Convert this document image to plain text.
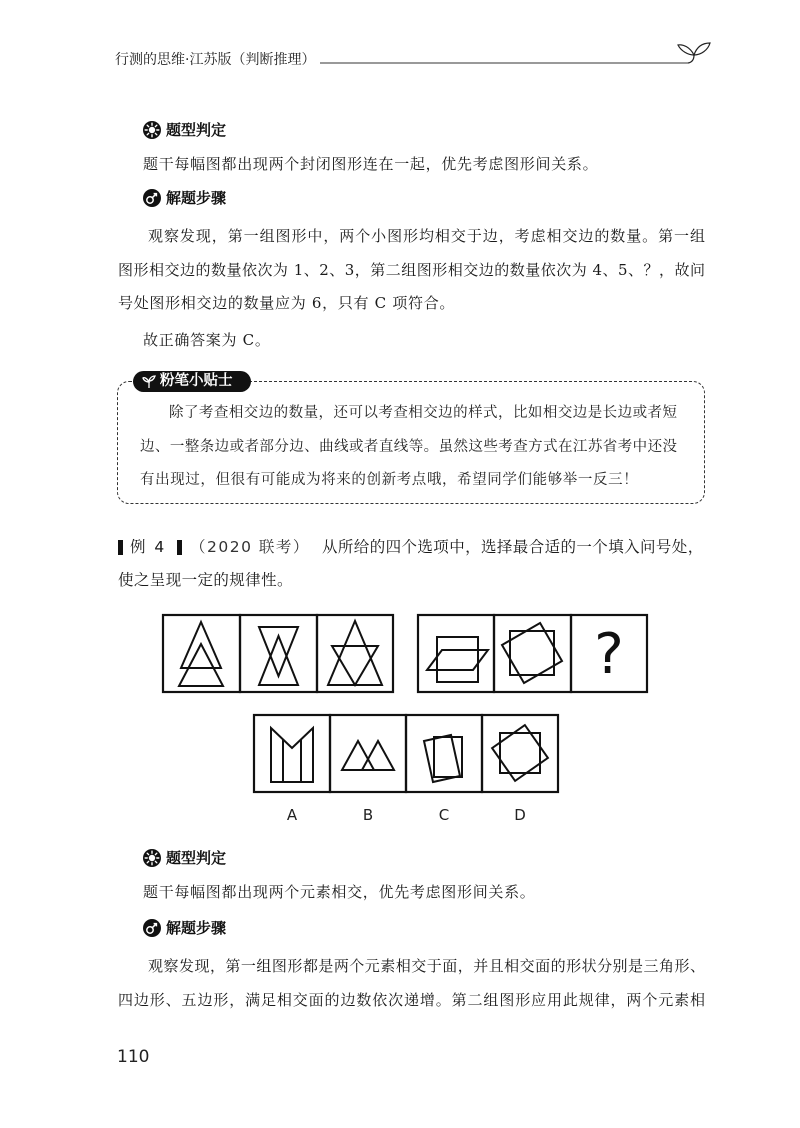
行测的思维·江苏版（判断推理）
题型判定
题干每幅图都出现两个封闭图形连在一起，优先考虑图形间关系。
解题步骤
观察发现，第一组图形中，两个小图形均相交于边，考虑相交边的数量。第一组
图形相交边的数量依次为 1、2、3，第二组图形相交边的数量依次为 4、5、？，故问
号处图形相交边的数量应为 6，只有 C 项符合。
故正确答案为 C。
粉笔小贴士
除了考查相交边的数量，还可以考查相交边的样式，比如相交边是长边或者短
边、一整条边或者部分边、曲线或者直线等。虽然这些考查方式在江苏省考中还没
有出现过，但很有可能成为将来的创新考点哦，希望同学们能够举一反三！
例 4 （2020 联考） 从所给的四个选项中，选择最合适的一个填入问号处，
使之呈现一定的规律性。
?
A	B	C	D
题型判定
题干每幅图都出现两个元素相交，优先考虑图形间关系。
解题步骤
观察发现，第一组图形都是两个元素相交于面，并且相交面的形状分别是三角形、
四边形、五边形，满足相交面的边数依次递增。第二组图形应用此规律，两个元素相
110
